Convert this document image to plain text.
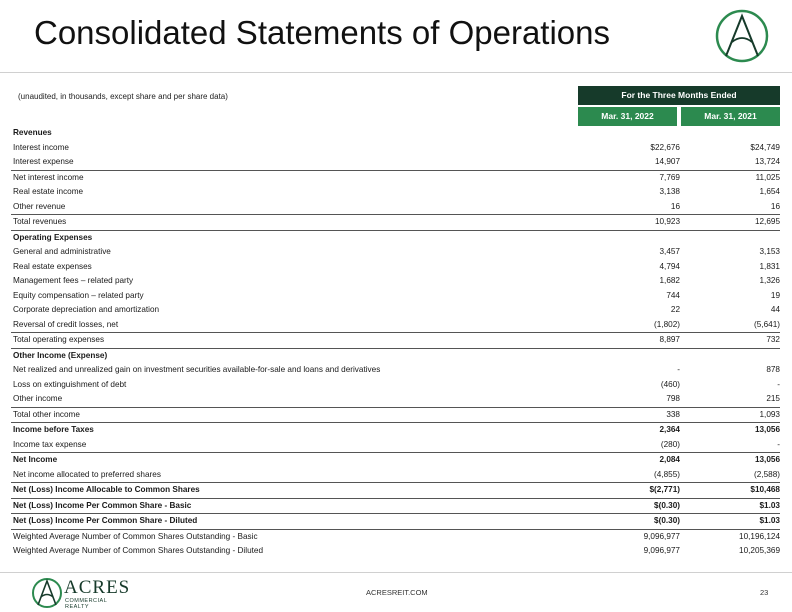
Consolidated Statements of Operations
(unaudited, in thousands, except share and per share data)	For the Three Months Ended
Mar. 31, 2022	Mar. 31, 2021
Revenues
Interest income	$22,676	$24,749
Interest expense	14,907	13,724
Net interest income	7,769	11,025
Real estate income	3,138	1,654
Other revenue	16	16
Total revenues	10,923	12,695
Operating Expenses
General and administrative	3,457	3,153
Real estate expenses	4,794	1,831
Management fees – related party	1,682	1,326
Equity compensation – related party	744	19
Corporate depreciation and amortization	22	44
Reversal of credit losses, net	(1,802)	(5,641)
Total operating expenses	8,897	732
Other Income (Expense)
Net realized and unrealized gain on investment securities available-for-sale and loans and derivatives	-	878
Loss on extinguishment of debt	(460)	-
Other income	798	215
Total other income	338	1,093
Income before Taxes	2,364	13,056
Income tax expense	(280)	-
Net Income	2,084	13,056
Net income allocated to preferred shares	(4,855)	(2,588)
Net (Loss) Income Allocable to Common Shares	$(2,771)	$10,468
Net (Loss) Income Per Common Share - Basic	$(0.30)	$1.03
Net (Loss) Income Per Common Share - Diluted	$(0.30)	$1.03
Weighted Average Number of Common Shares Outstanding - Basic	9,096,977	10,196,124
Weighted Average Number of Common Shares Outstanding - Diluted	9,096,977	10,205,369
ACRES
COMMERCIAL REALTY
ACRESREIT.COM	23
